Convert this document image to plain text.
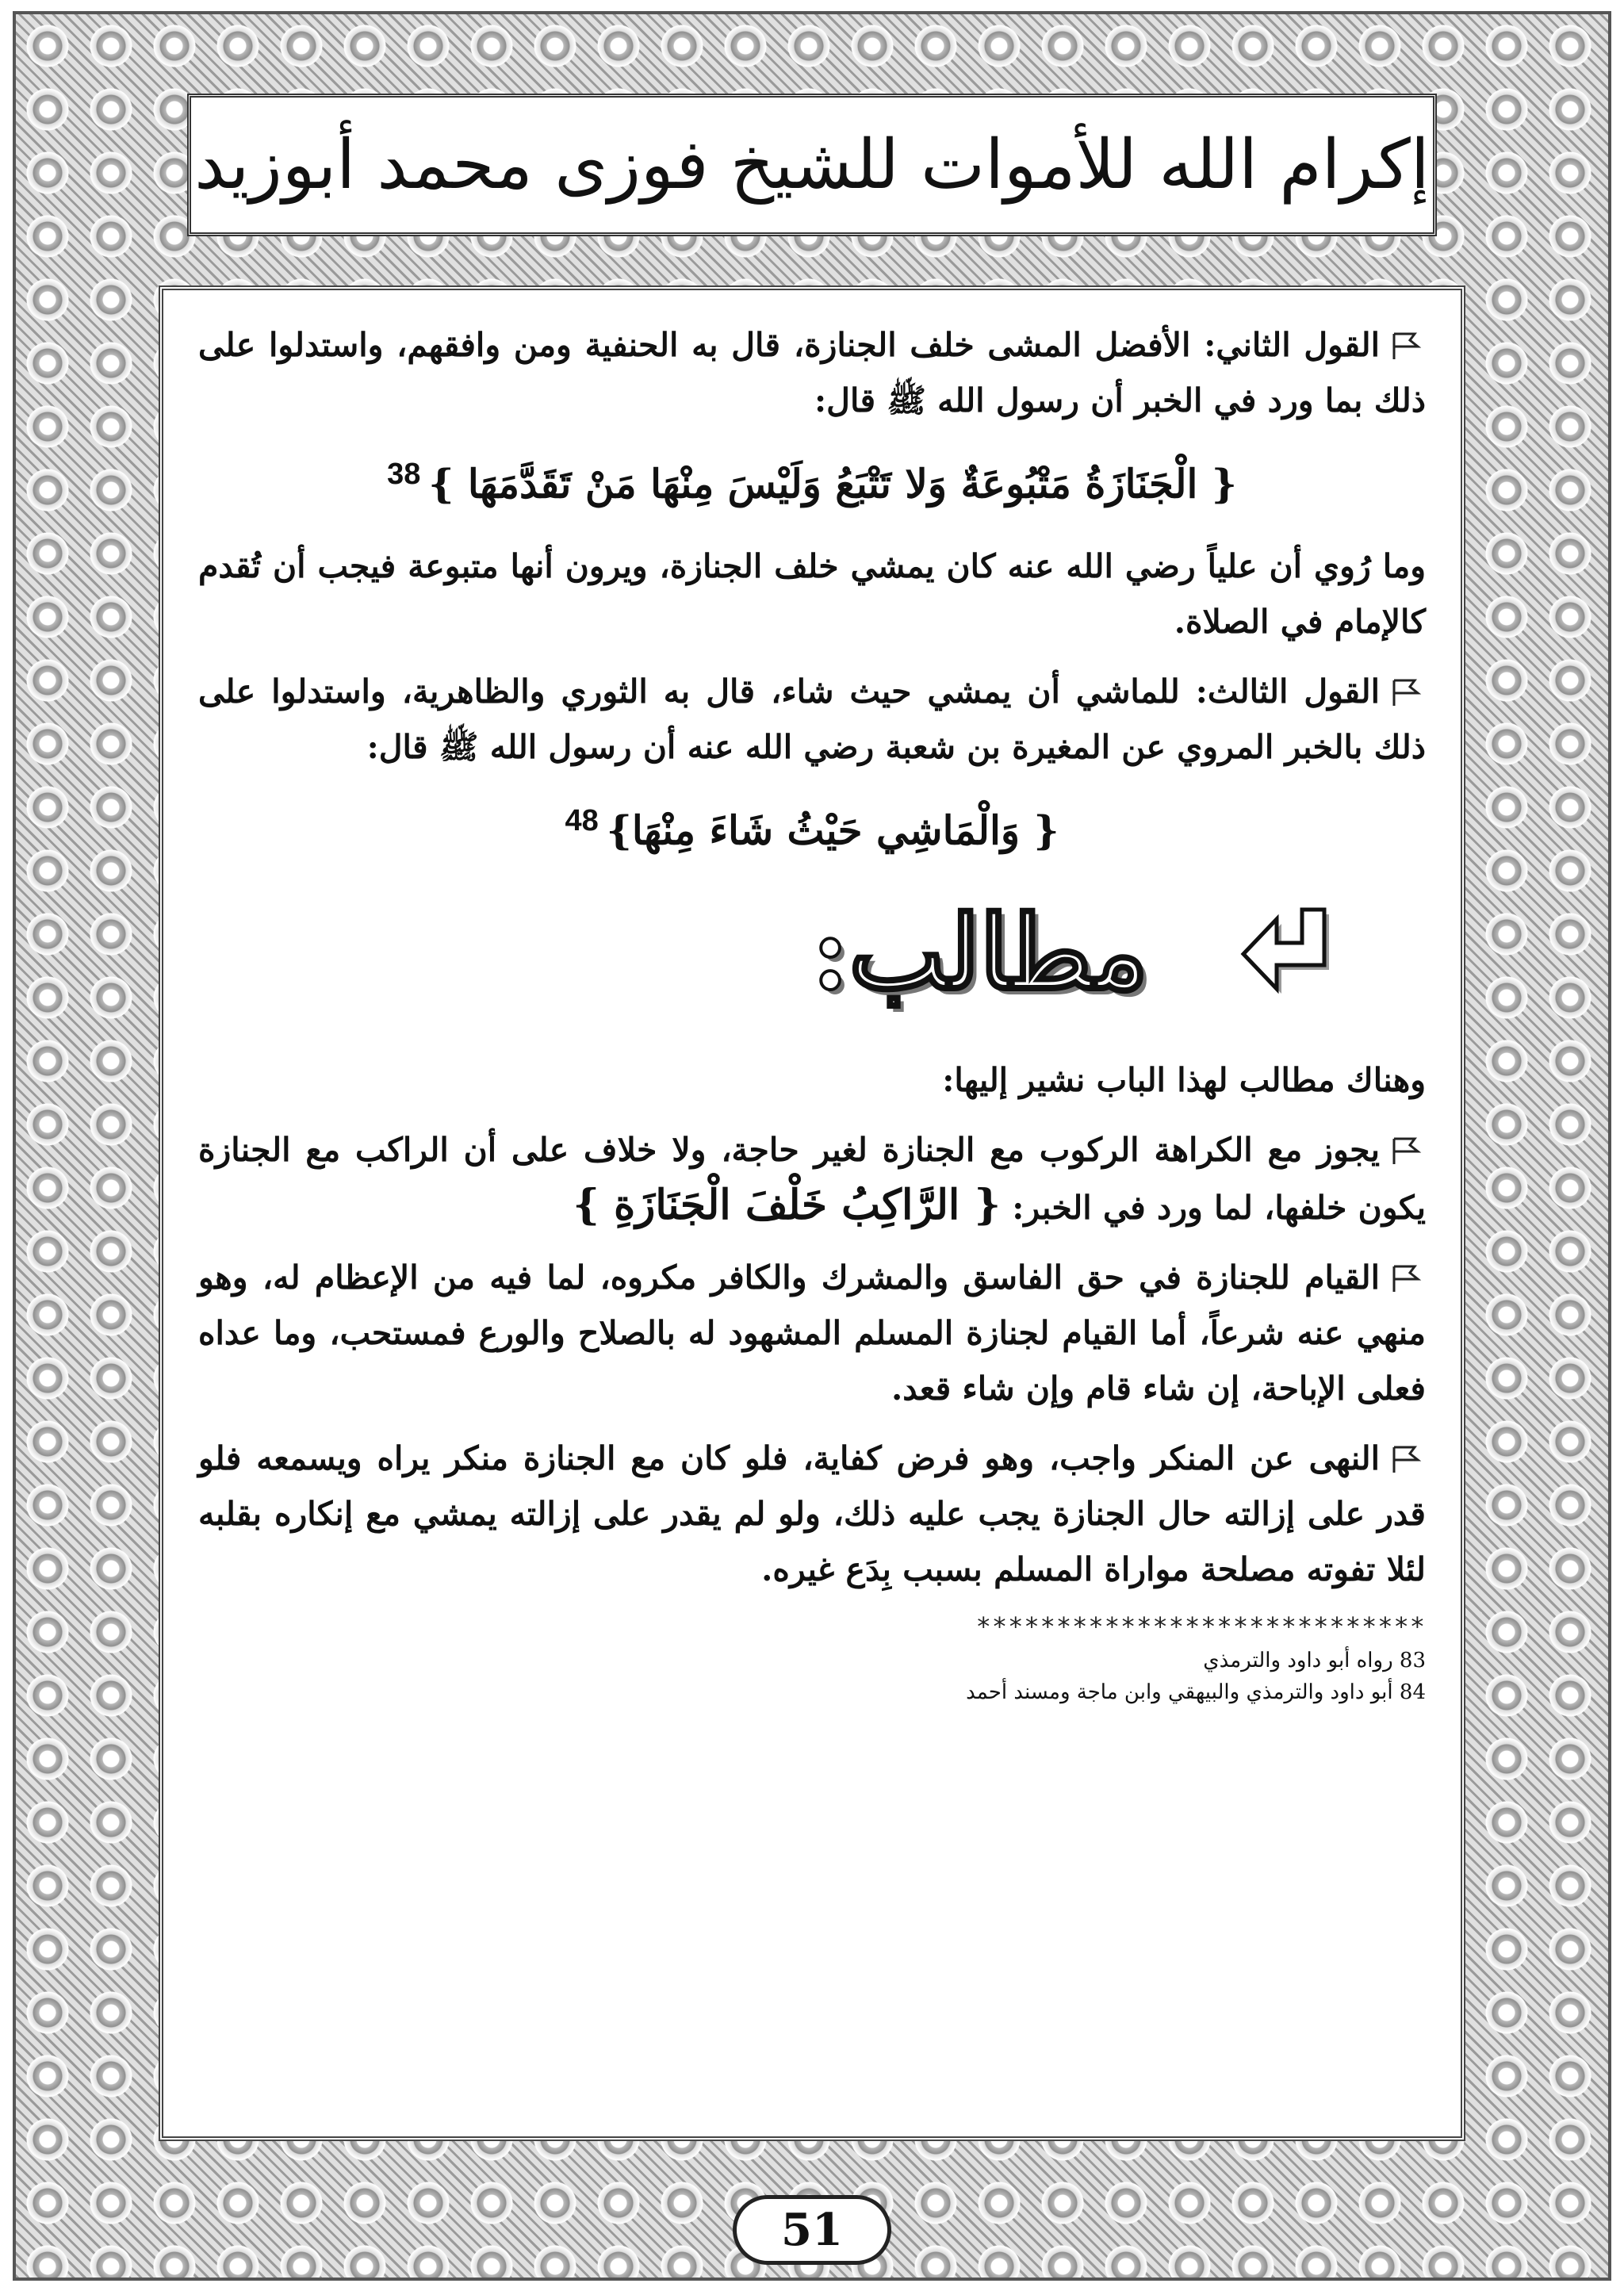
إكرام الله للأموات للشيخ فوزى محمد أبوزيد

القول الثاني: الأفضل المشى خلف الجنازة، قال به الحنفية ومن وافقهم، واستدلوا على ذلك بما ورد في الخبر أن رسول الله ﷺ قال:

{ الْجَنَازَةُ مَتْبُوعَةٌ وَلا تَتْبَعُ وَلَيْسَ مِنْهَا مَنْ تَقَدَّمَهَا }$^{38}$

وما رُوي أن علياً رضي الله عنه كان يمشي خلف الجنازة، ويرون أنها متبوعة فيجب أن تُقدم كالإمام في الصلاة.

القول الثالث: للماشي أن يمشي حيث شاء، قال به الثوري والظاهرية، واستدلوا على ذلك بالخبر المروي عن المغيرة بن شعبة رضي الله عنه أن رسول الله ﷺ قال:

{ وَالْمَاشِي حَيْثُ شَاءَ مِنْهَا}$^{48}$

مطالب:

وهناك مطالب لهذا الباب نشير إليها:

يجوز مع الكراهة الركوب مع الجنازة لغير حاجة، ولا خلاف على أن الراكب مع الجنازة يكون خلفها، لما ورد في الخبر: { الرَّاكِبُ خَلْفَ الْجَنَازَةِ }

القيام للجنازة في حق الفاسق والمشرك والكافر مكروه، لما فيه من الإعظام له، وهو منهي عنه شرعاً، أما القيام لجنازة المسلم المشهود له بالصلاح والورع فمستحب، وما عداه فعلى الإباحة، إن شاء قام وإن شاء قعد.

النهى عن المنكر واجب، وهو فرض كفاية، فلو كان مع الجنازة منكر يراه ويسمعه فلو قدر على إزالته حال الجنازة يجب عليه ذلك، ولو لم يقدر على إزالته يمشي مع إنكاره بقلبه لئلا تفوته مصلحة مواراة المسلم بسبب بِدَع غيره.

****************************

83 رواه أبو داود والترمذي

84 أبو داود والترمذي والبيهقي وابن ماجة ومسند أحمد

51
